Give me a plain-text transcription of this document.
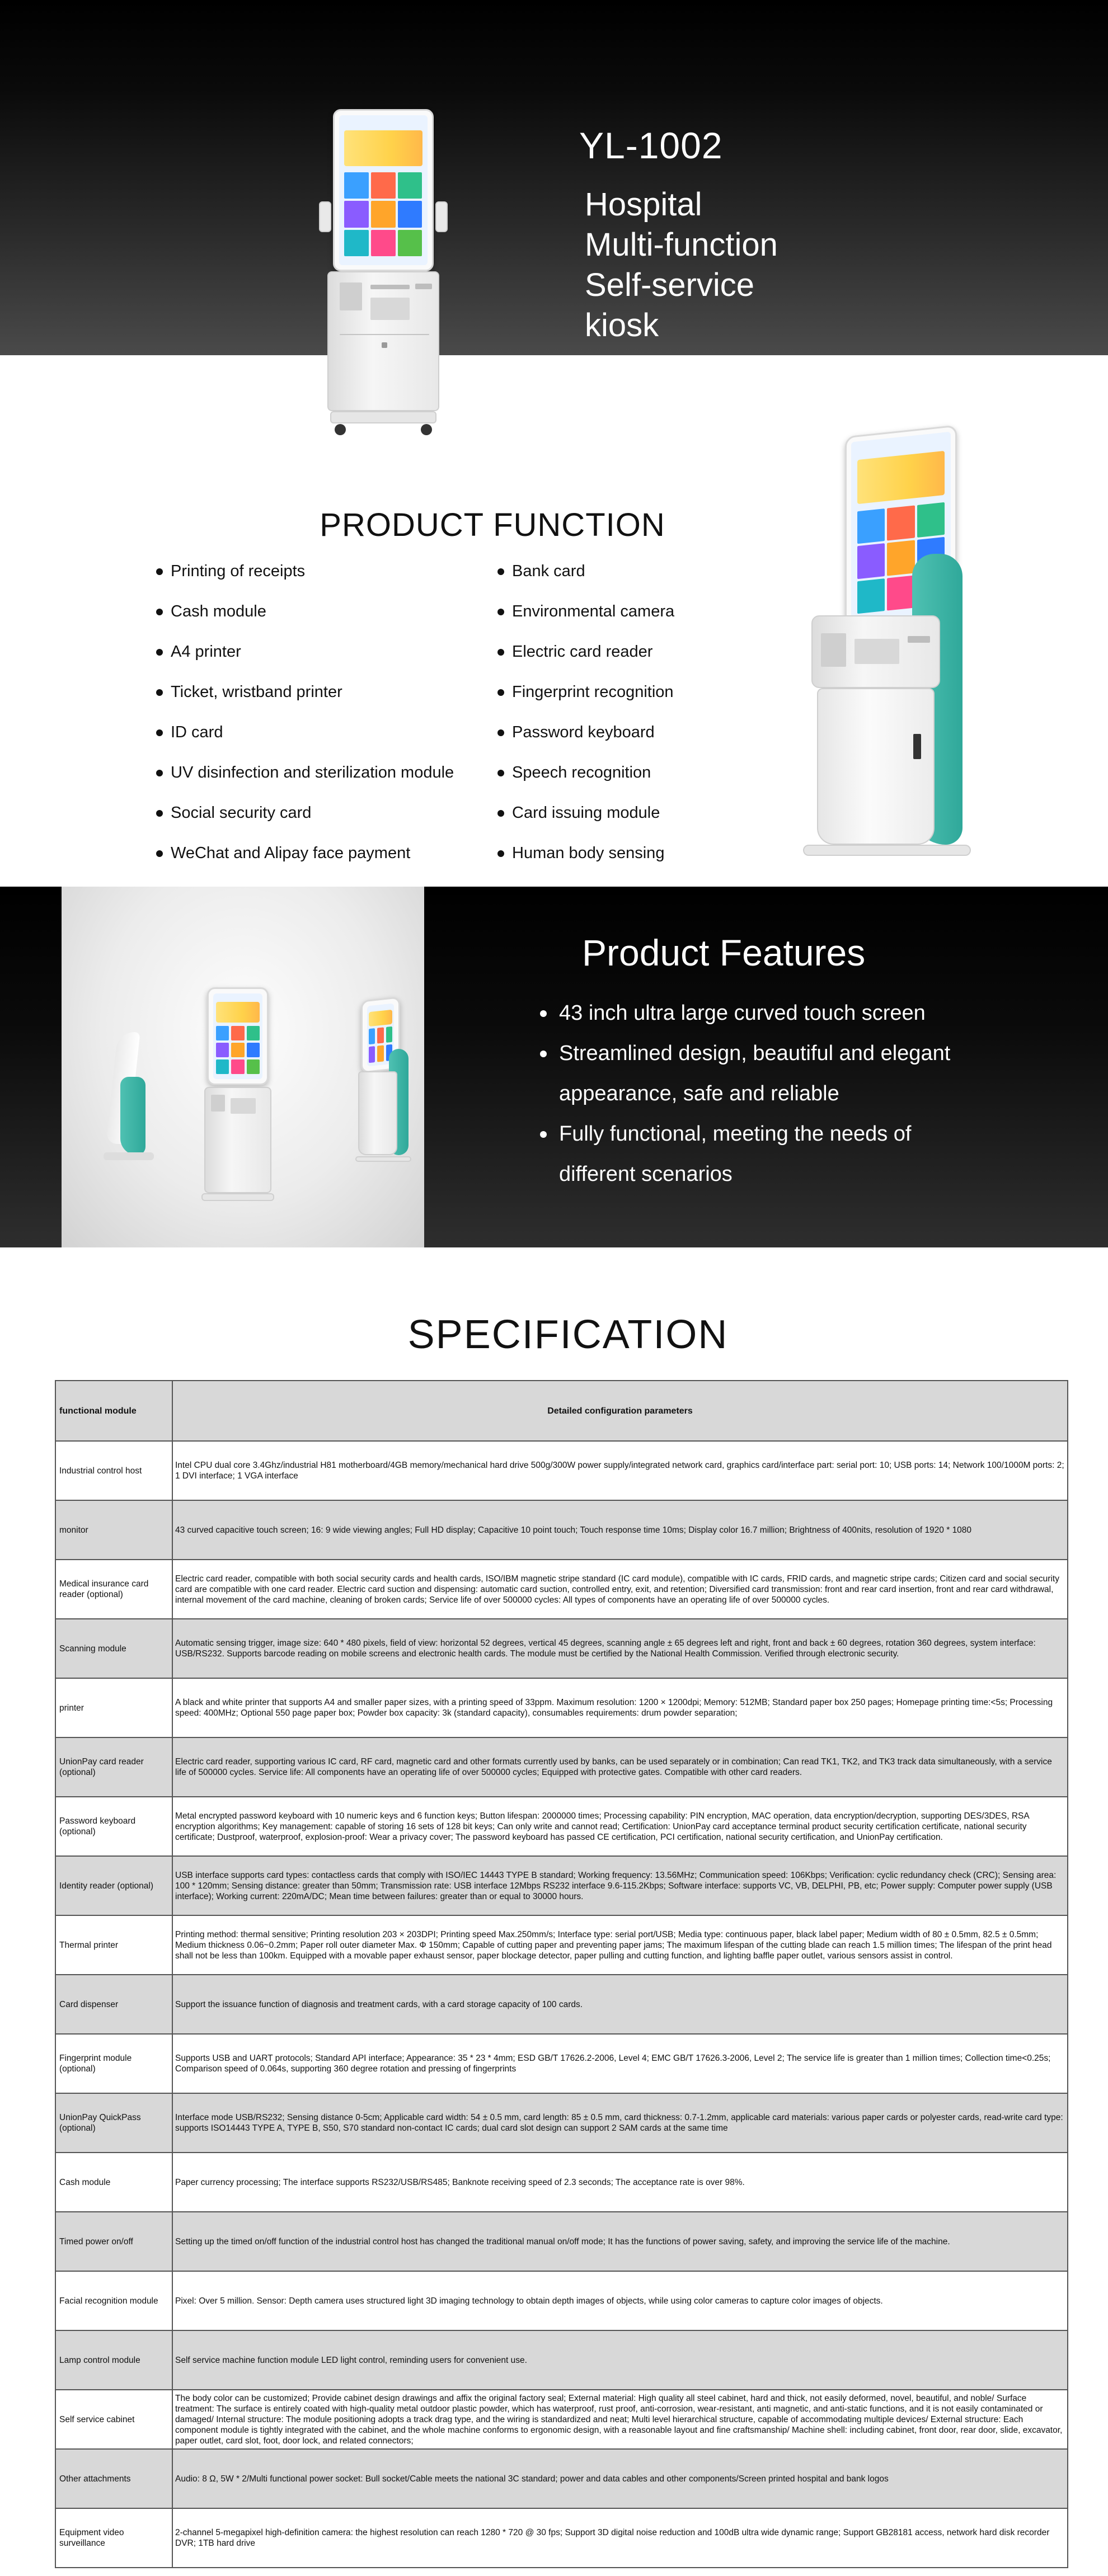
YL-1002
Hospital
Multi-function
Self-service
kiosk
PRODUCT FUNCTION
Printing of receipts
Cash module
A4 printer
Ticket, wristband printer
ID card
UV disinfection and sterilization module
Social security card
WeChat and Alipay face payment
Bank card
Environmental camera
Electric card reader
Fingerprint recognition
Password keyboard
Speech recognition
Card issuing module
Human body sensing
Product Features
43 inch ultra large curved touch screen
Streamlined design, beautiful and elegant appearance, safe and reliable
Fully functional, meeting the needs of different scenarios
SPECIFICATION
functional module	Detailed configuration parameters
Industrial control host	Intel CPU dual core 3.4Ghz/industrial H81 motherboard/4GB memory/mechanical hard drive 500g/300W power supply/integrated network card, graphics card/interface part: serial port: 10; USB ports: 14; Network 100/1000M ports: 2; 1 DVI interface; 1 VGA interface
monitor	43 curved capacitive touch screen; 16: 9 wide viewing angles; Full HD display; Capacitive 10 point touch; Touch response time 10ms; Display color 16.7 million; Brightness of 400nits, resolution of 1920 * 1080
Medical insurance card reader (optional)	Electric card reader, compatible with both social security cards and health cards, ISO/IBM magnetic stripe standard (IC card module), compatible with IC cards, FRID cards, and magnetic stripe cards; Citizen card and social security card are compatible with one card reader. Electric card suction and dispensing: automatic card suction, controlled entry, exit, and retention; Diversified card transmission: front and rear card insertion, front and rear card withdrawal, internal movement of the card machine, cleaning of broken cards; Service life of over 500000 cycles: All types of components have an operating life of over 500000 cycles.
Scanning module	Automatic sensing trigger, image size: 640 * 480 pixels, field of view: horizontal 52 degrees, vertical 45 degrees, scanning angle ± 65 degrees left and right, front and back ± 60 degrees, rotation 360 degrees, system interface: USB/RS232. Supports barcode reading on mobile screens and electronic health cards. The module must be certified by the National Health Commission. Verified through electronic security.
printer	A black and white printer that supports A4 and smaller paper sizes, with a printing speed of 33ppm. Maximum resolution: 1200 × 1200dpi; Memory: 512MB; Standard paper box 250 pages; Homepage printing time:<5s; Processing speed: 400MHz; Optional 550 page paper box; Powder box capacity: 3k (standard capacity), consumables requirements: drum powder separation;
UnionPay card reader (optional)	Electric card reader, supporting various IC card, RF card, magnetic card and other formats currently used by banks, can be used separately or in combination; Can read TK1, TK2, and TK3 track data simultaneously, with a service life of 500000 cycles. Service life: All components have an operating life of over 500000 cycles; Equipped with protective gates. Compatible with other card readers.
Password keyboard (optional)	Metal encrypted password keyboard with 10 numeric keys and 6 function keys; Button lifespan: 2000000 times; Processing capability: PIN encryption, MAC operation, data encryption/decryption, supporting DES/3DES, RSA encryption algorithms; Key management: capable of storing 16 sets of 128 bit keys; Can only write and cannot read; Certification: UnionPay card acceptance terminal product security certification certificate, national security certificate; Dustproof, waterproof, explosion-proof: Wear a privacy cover; The password keyboard has passed CE certification, PCI certification, national security certification, and UnionPay certification.
Identity reader (optional)	USB interface supports card types: contactless cards that comply with ISO/IEC 14443 TYPE B standard; Working frequency: 13.56MHz; Communication speed: 106Kbps; Verification: cyclic redundancy check (CRC); Sensing area: 100 * 120mm; Sensing distance: greater than 50mm; Transmission rate: USB interface 12Mbps RS232 interface 9.6-115.2Kbps; Software interface: supports VC, VB, DELPHI, PB, etc; Power supply: Computer power supply (USB interface); Working current: 220mA/DC; Mean time between failures: greater than or equal to 30000 hours.
Thermal printer	Printing method: thermal sensitive; Printing resolution 203 × 203DPI; Printing speed Max.250mm/s; Interface type: serial port/USB; Media type: continuous paper, black label paper; Medium width of 80 ± 0.5mm, 82.5 ± 0.5mm; Medium thickness 0.06~0.2mm; Paper roll outer diameter Max. Φ 150mm; Capable of cutting paper and preventing paper jams; The maximum lifespan of the cutting blade can reach 1.5 million times; The lifespan of the print head shall not be less than 100km. Equipped with a movable paper exhaust sensor, paper blockage detector, paper pulling and cutting function, and lighting baffle paper outlet, various sensors assist in control.
Card dispenser	Support the issuance function of diagnosis and treatment cards, with a card storage capacity of 100 cards.
Fingerprint module (optional)	Supports USB and UART protocols; Standard API interface; Appearance: 35 * 23 * 4mm; ESD GB/T 17626.2-2006, Level 4; EMC GB/T 17626.3-2006, Level 2; The service life is greater than 1 million times; Collection time<0.25s; Comparison speed of 0.064s, supporting 360 degree rotation and pressing of fingerprints
UnionPay QuickPass (optional)	Interface mode USB/RS232; Sensing distance 0-5cm; Applicable card width: 54 ± 0.5 mm, card length: 85 ± 0.5 mm, card thickness: 0.7-1.2mm, applicable card materials: various paper cards or polyester cards, read-write card type: supports ISO14443 TYPE A, TYPE B, S50, S70 standard non-contact IC cards; dual card slot design can support 2 SAM cards at the same time
Cash module	Paper currency processing; The interface supports RS232/USB/RS485; Banknote receiving speed of 2.3 seconds; The acceptance rate is over 98%.
Timed power on/off	Setting up the timed on/off function of the industrial control host has changed the traditional manual on/off mode; It has the functions of power saving, safety, and improving the service life of the machine.
Facial recognition module	Pixel: Over 5 million. Sensor: Depth camera uses structured light 3D imaging technology to obtain depth images of objects, while using color cameras to capture color images of objects.
Lamp control module	Self service machine function module LED light control, reminding users for convenient use.
Self service cabinet	The body color can be customized; Provide cabinet design drawings and affix the original factory seal; External material: High quality all steel cabinet, hard and thick, not easily deformed, novel, beautiful, and noble/ Surface treatment: The surface is entirely coated with high-quality metal outdoor plastic powder, which has waterproof, rust proof, anti-corrosion, wear-resistant, anti magnetic, and anti-static functions, and it is not easily contaminated or damaged/ Internal structure: The module positioning adopts a track drag type, and the wiring is standardized and neat; Multi level hierarchical structure, capable of accommodating multiple devices/ External structure: Each component module is tightly integrated with the cabinet, and the whole machine conforms to ergonomic design, with a reasonable layout and fine craftsmanship/ Machine shell: including cabinet, front door, rear door, slide, excavator, paper outlet, card slot, foot, door lock, and related connectors;
Other attachments	Audio: 8 Ω, 5W * 2/Multi functional power socket: Bull socket/Cable meets the national 3C standard; power and data cables and other components/Screen printed hospital and bank logos
Equipment video surveillance	2-channel 5-megapixel high-definition camera: the highest resolution can reach 1280 * 720 @ 30 fps; Support 3D digital noise reduction and 100dB ultra wide dynamic range; Support GB28181 access, network hard disk recorder DVR; 1TB hard drive
